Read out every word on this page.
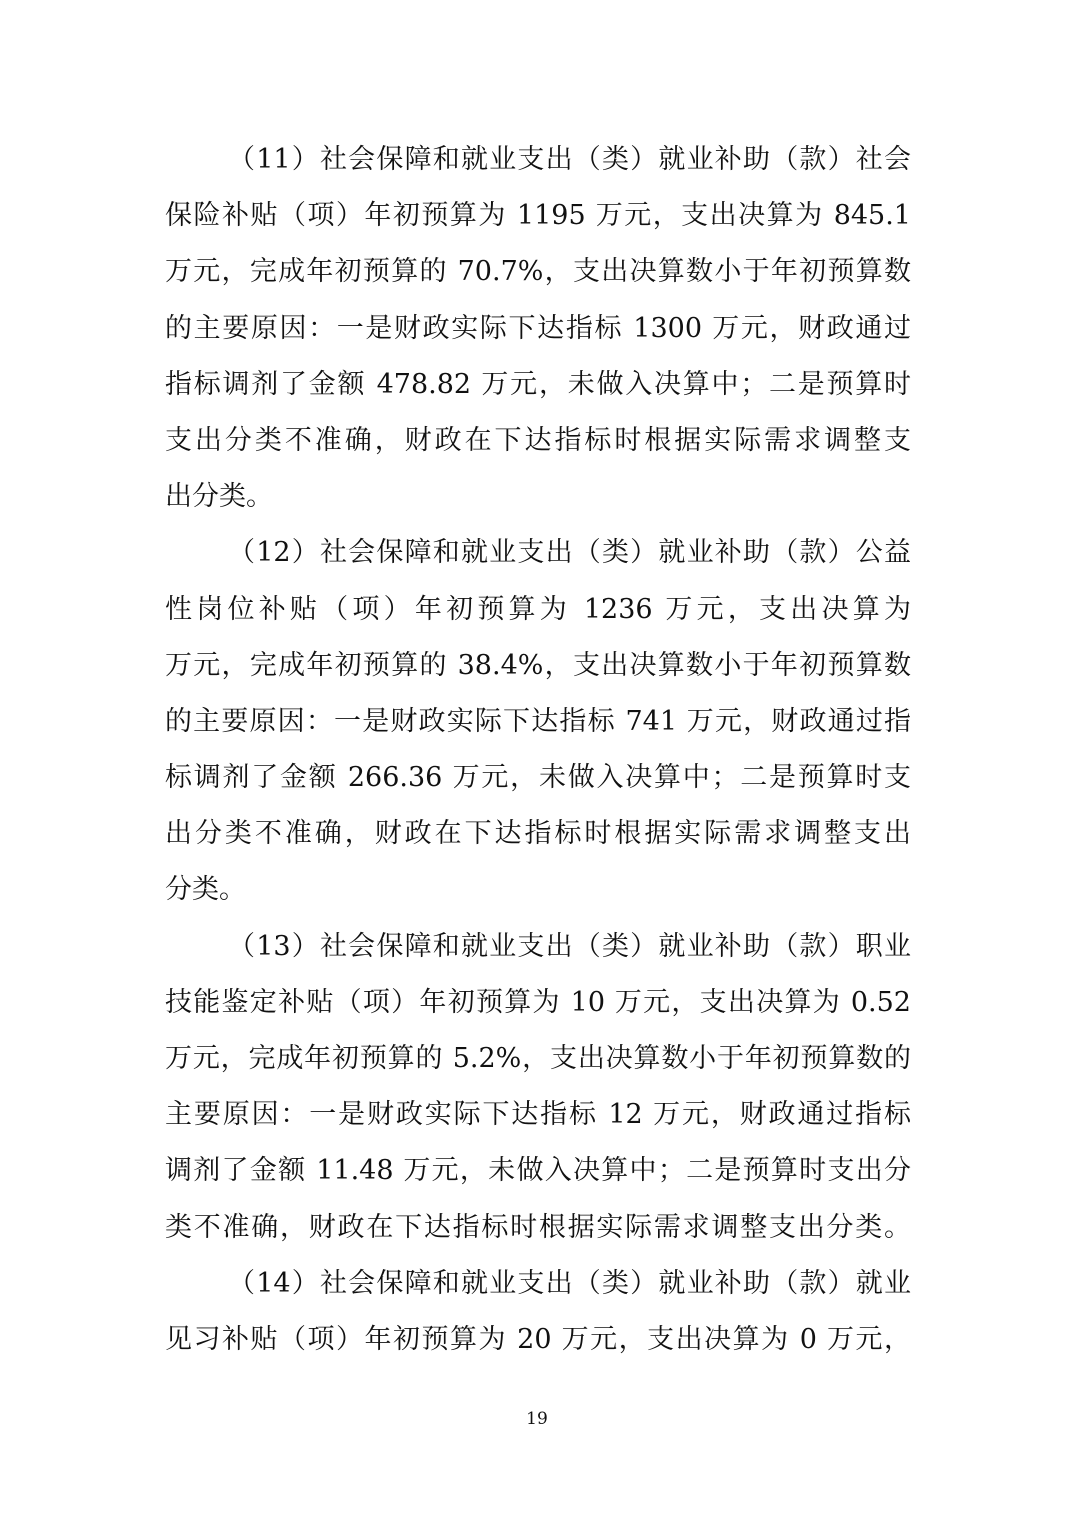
（11）社会保障和就业支出（类）就业补助（款）社会
保险补贴（项）年初预算为 1195 万元，支出决算为 845.1
万元，完成年初预算的 70.7%，支出决算数小于年初预算数
的主要原因：一是财政实际下达指标 1300 万元，财政通过
指标调剂了金额 478.82 万元，未做入决算中；二是预算时
支出分类不准确，财政在下达指标时根据实际需求调整支
出分类。
（12）社会保障和就业支出（类）就业补助（款）公益
性岗位补贴（项）年初预算为 1236 万元，支出决算为
万元，完成年初预算的 38.4%，支出决算数小于年初预算数
的主要原因：一是财政实际下达指标 741 万元，财政通过指
标调剂了金额 266.36 万元，未做入决算中；二是预算时支
出分类不准确，财政在下达指标时根据实际需求调整支出
分类。
（13）社会保障和就业支出（类）就业补助（款）职业
技能鉴定补贴（项）年初预算为 10 万元，支出决算为 0.52
万元，完成年初预算的 5.2%，支出决算数小于年初预算数的
主要原因：一是财政实际下达指标 12 万元，财政通过指标
调剂了金额 11.48 万元，未做入决算中；二是预算时支出分
类不准确，财政在下达指标时根据实际需求调整支出分类。
（14）社会保障和就业支出（类）就业补助（款）就业
见习补贴（项）年初预算为 20 万元，支出决算为 0 万元，
19
